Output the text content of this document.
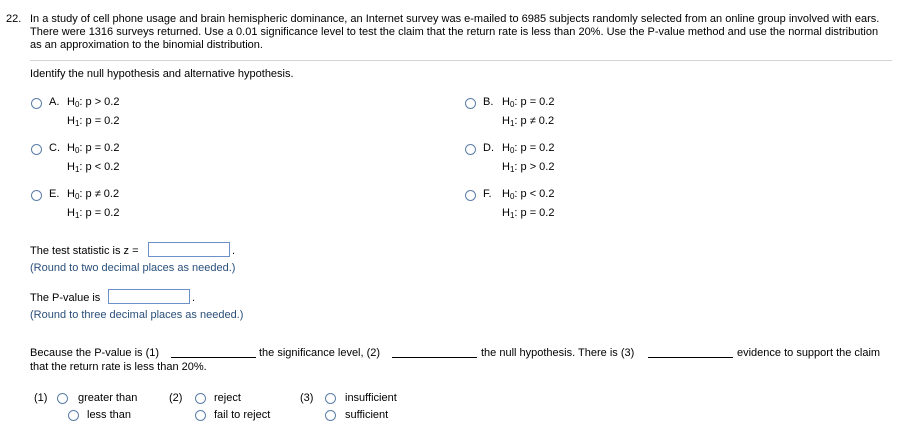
22. In a study of cell phone usage and brain hemispheric dominance, an Internet survey was e-mailed to 6985 subjects randomly selected from an online group involved with ears. There were 1316 surveys returned. Use a 0.01 significance level to test the claim that the return rate is less than 20%. Use the P-value method and use the normal distribution as an approximation to the binomial distribution.
Identify the null hypothesis and alternative hypothesis.
A. $H_0$: p > 0.2
$H_1$: p = 0.2
B. $H_0$: p = 0.2
$H_1$: p ≠ 0.2
C. $H_0$: p = 0.2
$H_1$: p < 0.2
D. $H_0$: p = 0.2
$H_1$: p > 0.2
E. $H_0$: p ≠ 0.2
$H_1$: p = 0.2
F. $H_0$: p < 0.2
$H_1$: p = 0.2
The test statistic is z =	.
(Round to two decimal places as needed.)
The P-value is	.
(Round to three decimal places as needed.)
Because the P-value is (1)	the significance level, (2)	the null hypothesis. There is (3)	evidence to support the claim
that the return rate is less than 20%.
(1)	greater than
less than
(2)	reject
fail to reject
(3)	insufficient
sufficient
